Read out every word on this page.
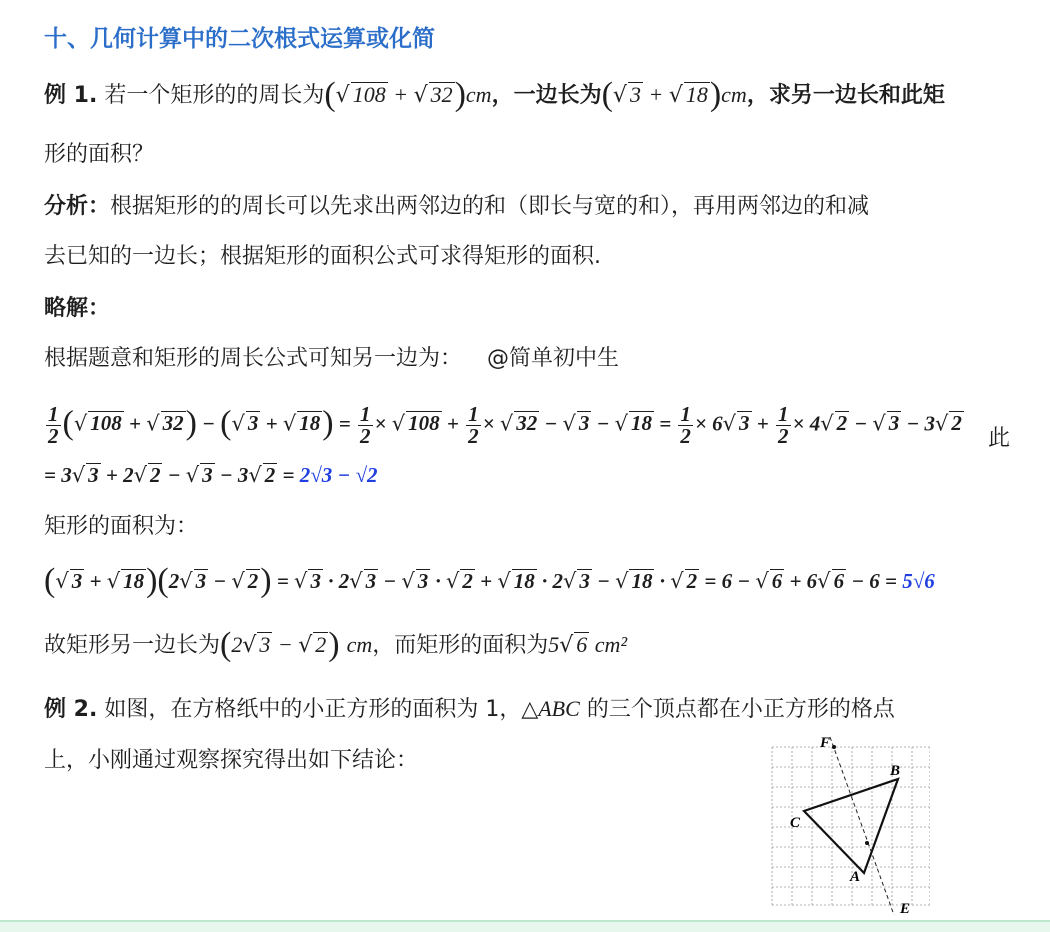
十、几何计算中的二次根式运算或化简
例 1. 若一个矩形的的周长为(√ 108 + √ 32)cm，一边长为(√ 3 + √ 18)cm，求另一边长和此矩
形的面积？
分析：根据矩形的的周长可以先求出两邻边的和（即长与宽的和），再用两邻边的和减
去已知的一边长；根据矩形的面积公式可求得矩形的面积.
略解：
根据题意和矩形的周长公式可知另一边为： @简单初中生
$\frac{1}{2}$ (√ 108 + √ 32) − (√ 3 + √ $18) = \frac{1}{2}$ × √ $108 + \frac{1}{2}$ × √ 32 − √ 3 − √ $18 = \frac{1}{2} \times 6√$ $3 + \frac{1}{2} \times 4√$ 2 − √ 3 − 3√ 2
此
= 3√ 3 + 2√ 2 − √ 3 − 3√ 2 = 2√3 − √2
矩形的面积为：
(√ 3 + √ 18)(2√ 3 − √ 2) = √ 3 · 2√ 3 − √ 3 · √ 2 + √ 18 · 2√ 3 − √ 18 · √ 2 = 6 − √ 6 + 6√ 6 − 6 = 5√6
故矩形另一边长为(2√ 3 − √ 2) cm，而矩形的面积为5√ 6 cm²
例 2. 如图，在方格纸中的小正方形的面积为 1，△ABC 的三个顶点都在小正方形的格点
上，小刚通过观察探究得出如下结论：
F
B
C
A
E
